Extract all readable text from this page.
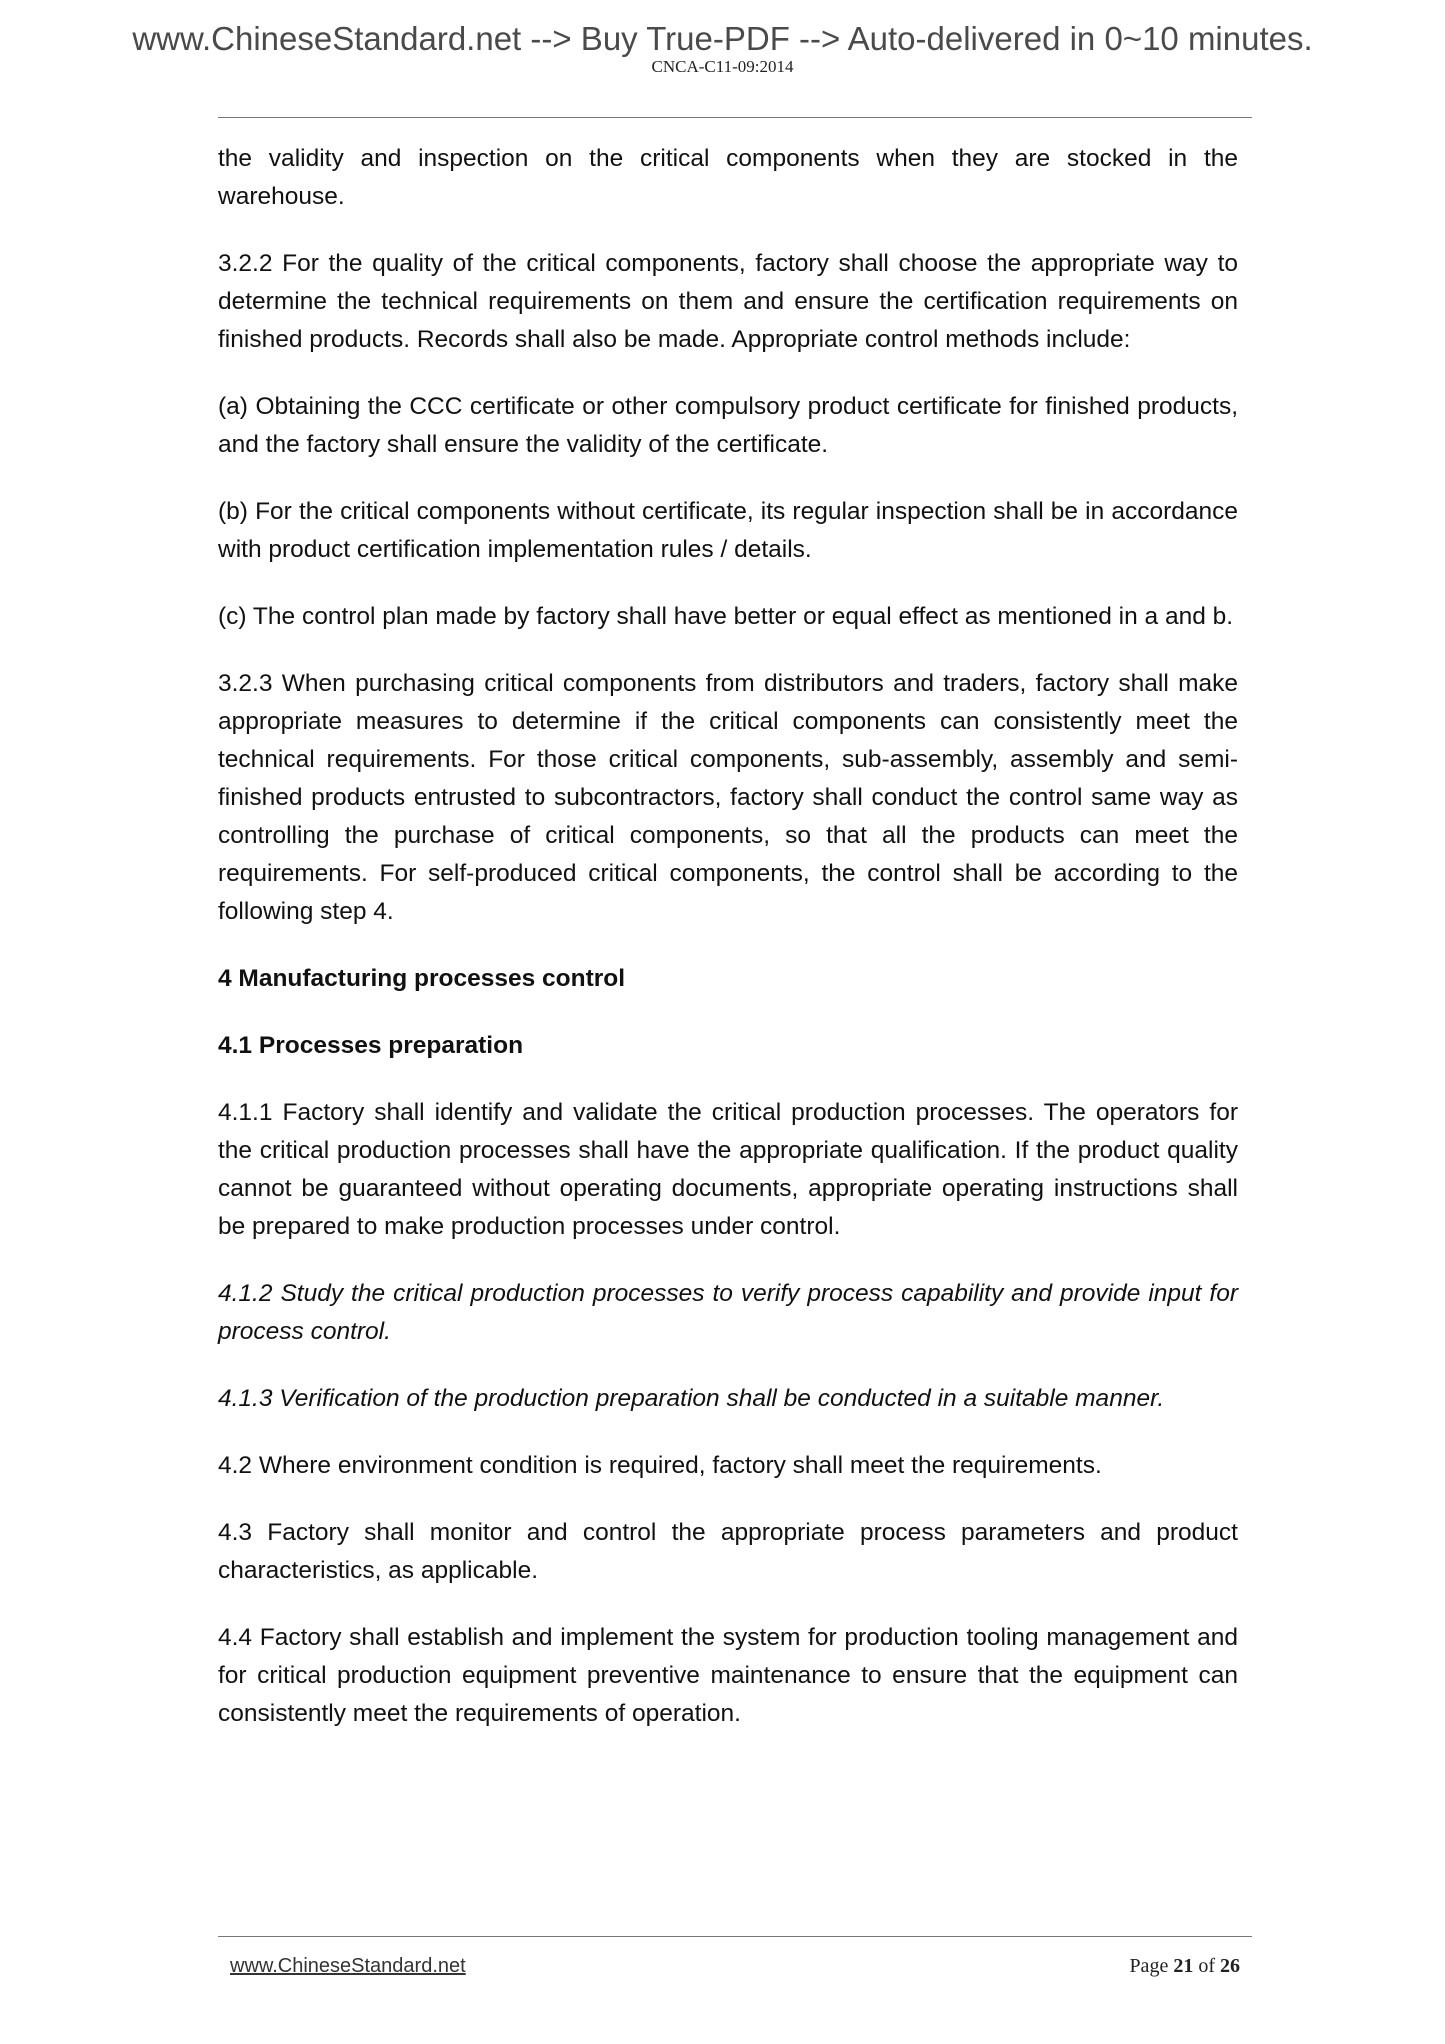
www.ChineseStandard.net --> Buy True-PDF --> Auto-delivered in 0~10 minutes.
CNCA-C11-09:2014

the validity and inspection on the critical components when they are stocked in the warehouse.

3.2.2 For the quality of the critical components, factory shall choose the appropriate way to determine the technical requirements on them and ensure the certification requirements on finished products. Records shall also be made. Appropriate control methods include:

(a) Obtaining the CCC certificate or other compulsory product certificate for finished products, and the factory shall ensure the validity of the certificate.

(b) For the critical components without certificate, its regular inspection shall be in accordance with product certification implementation rules / details.

(c) The control plan made by factory shall have better or equal effect as mentioned in a and b.

3.2.3 When purchasing critical components from distributors and traders, factory shall make appropriate measures to determine if the critical components can consistently meet the technical requirements. For those critical components, sub-assembly, assembly and semi-finished products entrusted to subcontractors, factory shall conduct the control same way as controlling the purchase of critical components, so that all the products can meet the requirements. For self-produced critical components, the control shall be according to the following step 4.

4 Manufacturing processes control

4.1 Processes preparation

4.1.1 Factory shall identify and validate the critical production processes. The operators for the critical production processes shall have the appropriate qualification. If the product quality cannot be guaranteed without operating documents, appropriate operating instructions shall be prepared to make production processes under control.

4.1.2 Study the critical production processes to verify process capability and provide input for process control.

4.1.3 Verification of the production preparation shall be conducted in a suitable manner.

4.2 Where environment condition is required, factory shall meet the requirements.

4.3 Factory shall monitor and control the appropriate process parameters and product characteristics, as applicable.

4.4 Factory shall establish and implement the system for production tooling management and for critical production equipment preventive maintenance to ensure that the equipment can consistently meet the requirements of operation.

www.ChineseStandard.net	Page 21 of 26
